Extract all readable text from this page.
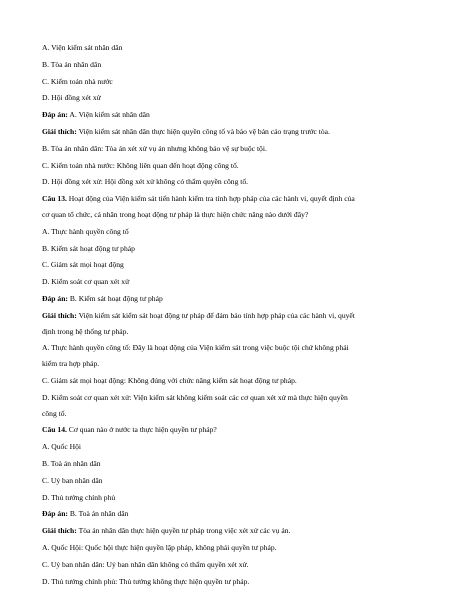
A. Viện kiểm sát nhân dân
B. Tòa án nhân dân
C. Kiểm toán nhà nước
D. Hội đồng xét xử
Đáp án: A. Viện kiểm sát nhân dân
Giải thích: Viện kiểm sát nhân dân thực hiện quyền công tố và bảo vệ bản cáo trạng trước tòa.
B. Tòa án nhân dân: Tòa án xét xử vụ án nhưng không bảo vệ sự buộc tội.
C. Kiểm toán nhà nước: Không liên quan đến hoạt động công tố.
D. Hội đồng xét xử: Hội đồng xét xử không có thẩm quyền công tố.
Câu 13. Hoạt động của Viện kiểm sát tiến hành kiểm tra tính hợp pháp của các hành vi, quyết định của
cơ quan tổ chức, cá nhân trong hoạt động tư pháp là thực hiện chức năng nào dưới đây?
A. Thực hành quyền công tố
B. Kiểm sát hoạt động tư pháp
C. Giám sát mọi hoạt động
D. Kiểm soát cơ quan xét xử
Đáp án: B. Kiểm sát hoạt động tư pháp
Giải thích: Viện kiểm sát kiểm sát hoạt động tư pháp để đảm bảo tính hợp pháp của các hành vi, quyết
định trong hệ thống tư pháp.
A. Thực hành quyền công tố: Đây là hoạt động của Viện kiểm sát trong việc buộc tội chứ không phải
kiểm tra hợp pháp.
C. Giám sát mọi hoạt động: Không đúng với chức năng kiểm sát hoạt động tư pháp.
D. Kiểm soát cơ quan xét xử: Viện kiểm sát không kiểm soát các cơ quan xét xử mà thực hiện quyền
công tố.
Câu 14. Cơ quan nào ở nước ta thực hiện quyền tư pháp?
A. Quốc Hội
B. Toà án nhân dân
C. Uỷ ban nhân dân
D. Thủ tướng chính phủ
Đáp án: B. Toà án nhân dân
Giải thích: Tòa án nhân dân thực hiện quyền tư pháp trong việc xét xử các vụ án.
A. Quốc Hội: Quốc hội thực hiện quyền lập pháp, không phải quyền tư pháp.
C. Uỷ ban nhân dân: Uỷ ban nhân dân không có thẩm quyền xét xử.
D. Thủ tướng chính phủ: Thủ tướng không thực hiện quyền tư pháp.
